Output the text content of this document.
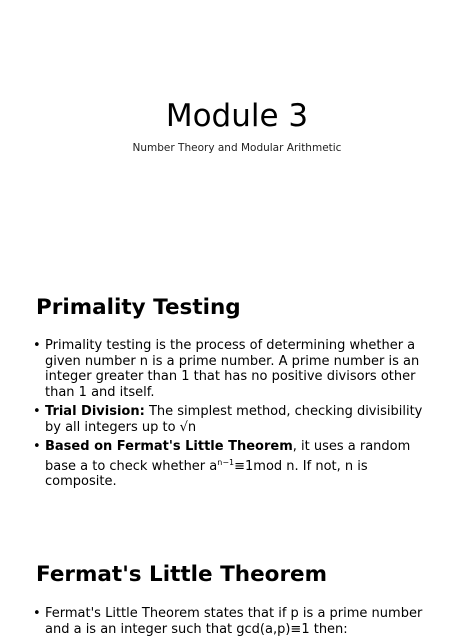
Module 3
Number Theory and Modular Arithmetic
Primality Testing
• Primality testing is the process of determining whether a given number n is a prime number. A prime number is an integer greater than 1 that has no positive divisors other than 1 and itself.
• Trial Division: The simplest method, checking divisibility by all integers up to √n
• Based on Fermat's Little Theorem, it uses a random base a to check whether $a^{n-1}\equiv 1mod$ n. If not, n is composite.
Fermat's Little Theorem
• Fermat's Little Theorem states that if p is a prime number and a is an integer such that gcd(a,p)≡1 then:
